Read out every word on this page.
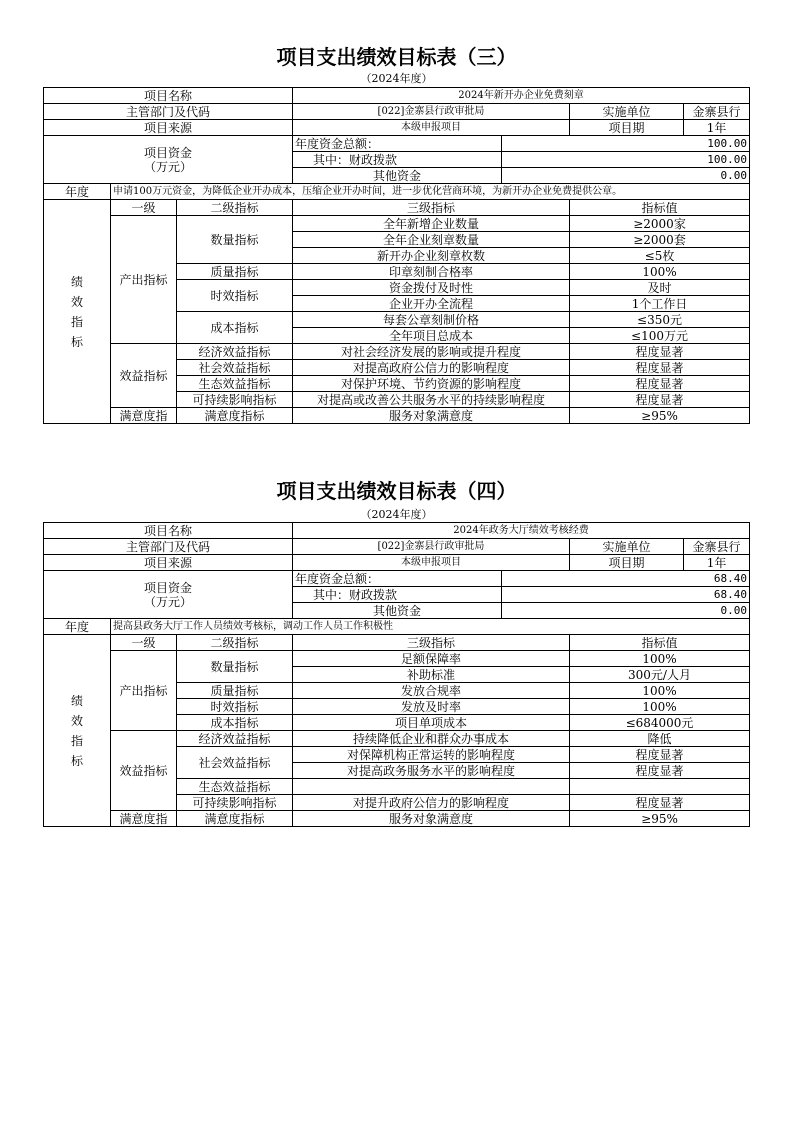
项目支出绩效目标表（三）
（2024年度）
项目名称			2024年新开办企业免费刻章			
主管部门及代码			[022]金寨县行政审批局		实施单位	金寨县行
项目来源			本级申报项目		项目期	1年

项目资金
（万元）			年度资金总额：	100.00		
			其中：财政拨款	100.00		
			其他资金	0.00		
年度	申请100万元资金，为降低企业开办成本，压缩企业开办时间，进一步优化营商环境，为新开办企业免费提供公章。					

绩效指标	一级	二级指标	三级指标		指标值	
	产出指标	数量指标	全年新增企业数量		≥2000家	
			全年企业刻章数量		≥2000套	
			新开办企业刻章枚数		≤5枚	
		质量指标	印章刻制合格率		100%	
		时效指标	资金拨付及时性		及时	
			企业开办全流程		1个工作日	
		成本指标	每套公章刻制价格		≤350元	
			全年项目总成本		≤100万元	
	效益指标	经济效益指标	对社会经济发展的影响或提升程度		程度显著	
		社会效益指标	对提高政府公信力的影响程度		程度显著	
		生态效益指标	对保护环境、节约资源的影响程度		程度显著	
		可持续影响指标	对提高或改善公共服务水平的持续影响程度		程度显著	
	满意度指	满意度指标	服务对象满意度		≥95%	
项目支出绩效目标表（四）
（2024年度）
项目名称			2024年政务大厅绩效考核经费			
主管部门及代码			[022]金寨县行政审批局		实施单位	金寨县行
项目来源			本级申报项目		项目期	1年

项目资金
（万元）			年度资金总额：	68.40		
			其中：财政拨款	68.40		
			其他资金	0.00		
年度	提高县政务大厅工作人员绩效考核标，调动工作人员工作积极性					

绩效指标	一级	二级指标	三级指标		指标值	
	产出指标	数量指标	足额保障率		100%	
			补助标准		300元/人月	
		质量指标	发放合规率		100%	
		时效指标	发放及时率		100%	
		成本指标	项目单项成本		≤684000元	
	效益指标	经济效益指标	持续降低企业和群众办事成本		降低	
		社会效益指标	对保障机构正常运转的影响程度		程度显著	
			对提高政务服务水平的影响程度		程度显著	
		生态效益指标				
		可持续影响指标	对提升政府公信力的影响程度		程度显著	
	满意度指	满意度指标	服务对象满意度		≥95%	
